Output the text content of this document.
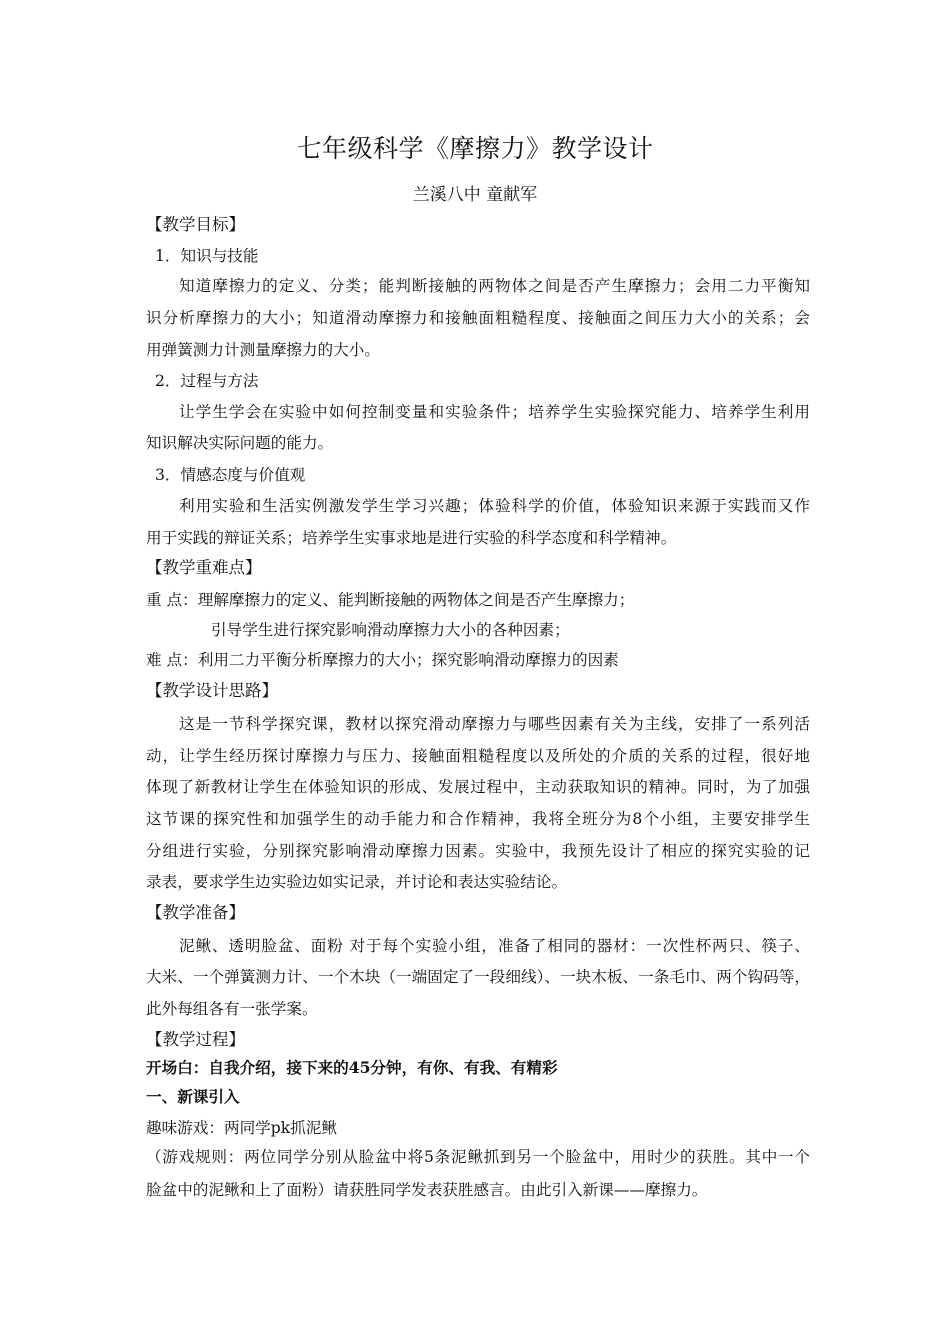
七年级科学《摩擦力》教学设计
兰溪八中 童献军
【教学目标】
1．知识与技能
知道摩擦力的定义、分类；能判断接触的两物体之间是否产生摩擦力；会用二力平衡知
识分析摩擦力的大小；知道滑动摩擦力和接触面粗糙程度、接触面之间压力大小的关系；会
用弹簧测力计测量摩擦力的大小。
2．过程与方法
让学生学会在实验中如何控制变量和实验条件；培养学生实验探究能力、培养学生利用
知识解决实际问题的能力。
3．情感态度与价值观
利用实验和生活实例激发学生学习兴趣；体验科学的价值，体验知识来源于实践而又作
用于实践的辩证关系；培养学生实事求地是进行实验的科学态度和科学精神。
【教学重难点】
重 点：理解摩擦力的定义、能判断接触的两物体之间是否产生摩擦力；
引导学生进行探究影响滑动摩擦力大小的各种因素；
难 点：利用二力平衡分析摩擦力的大小；探究影响滑动摩擦力的因素
【教学设计思路】
这是一节科学探究课，教材以探究滑动摩擦力与哪些因素有关为主线，安排了一系列活
动，让学生经历探讨摩擦力与压力、接触面粗糙程度以及所处的介质的关系的过程，很好地
体现了新教材让学生在体验知识的形成、发展过程中，主动获取知识的精神。同时，为了加强
这节课的探究性和加强学生的动手能力和合作精神，我将全班分为8个小组，主要安排学生
分组进行实验，分别探究影响滑动摩擦力因素。实验中，我预先设计了相应的探究实验的记
录表，要求学生边实验边如实记录，并讨论和表达实验结论。
【教学准备】
泥鳅、透明脸盆、面粉 对于每个实验小组，准备了相同的器材：一次性杯两只、筷子、
大米、一个弹簧测力计、一个木块（一端固定了一段细线）、一块木板、一条毛巾、两个钩码等，
此外每组各有一张学案。
【教学过程】
开场白：自我介绍，接下来的45分钟，有你、有我、有精彩
一、新课引入
趣味游戏：两同学pk抓泥鳅
（游戏规则：两位同学分别从脸盆中将5条泥鳅抓到另一个脸盆中，用时少的获胜。其中一个
脸盆中的泥鳅和上了面粉）请获胜同学发表获胜感言。由此引入新课——摩擦力。
